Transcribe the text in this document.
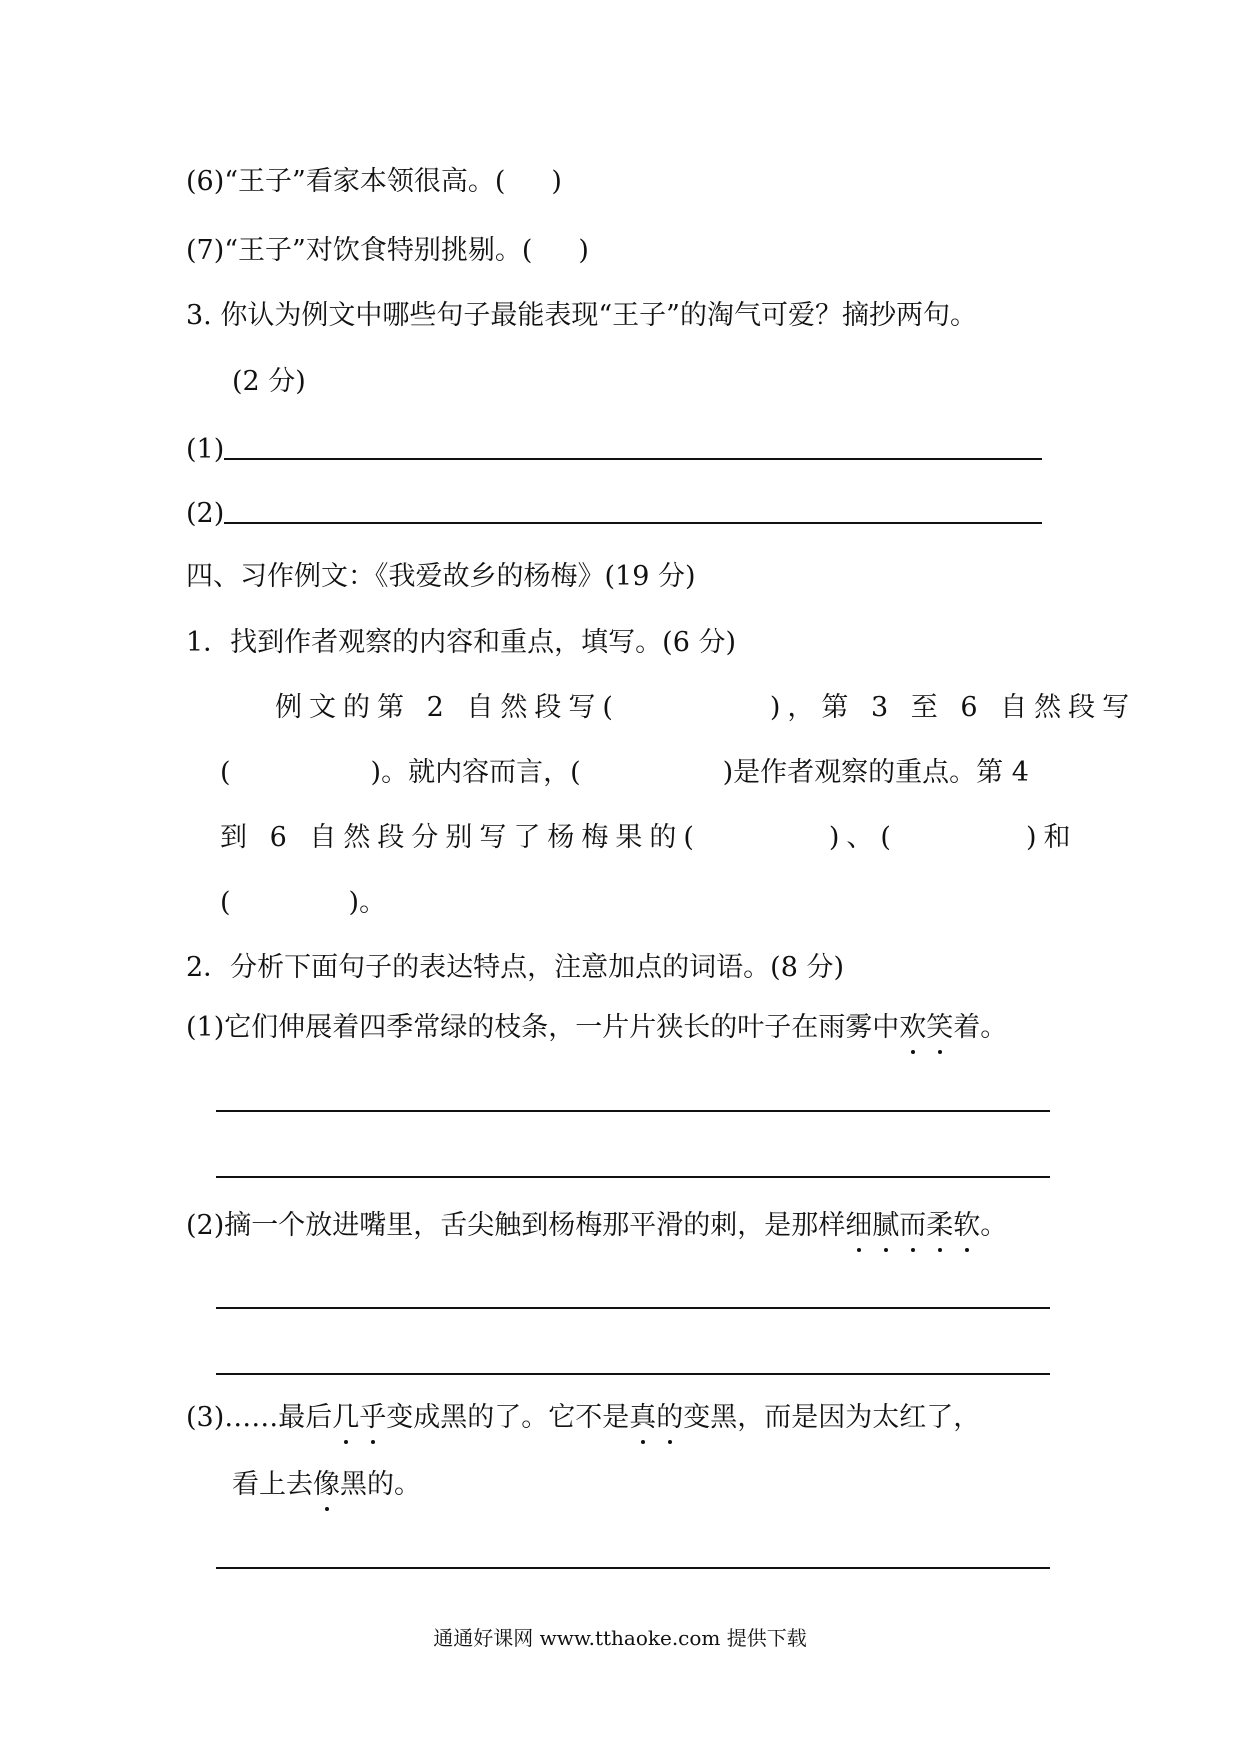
(6)“王子”看家本领很高。( )
(7)“王子”对饮食特别挑剔。( )
3. 你认为例文中哪些句子最能表现“王子”的淘气可爱？摘抄两句。
(2 分)
(1)
(2)
四、习作例文：《我爱故乡的杨梅》(19 分)
1．找到作者观察的内容和重点，填写。(6 分)
例文的第 2 自然段写(	)，第 3 至 6 自然段写
(	)。就内容而言，(	)是作者观察的重点。第 4
到 6 自然段分别写了杨梅果的(	)、(	)和
(	)。
2．分析下面句子的表达特点，注意加点的词语。(8 分)
(1)它们伸展着四季常绿的枝条，一片片狭长的叶子在雨雾中欢笑着。
(2)摘一个放进嘴里，舌尖触到杨梅那平滑的刺，是那样细腻而柔软。
(3)……最后几乎变成黑的了。它不是真的变黑，而是因为太红了，
看上去像黑的。
通通好课网 www.tthaoke.com 提供下载
